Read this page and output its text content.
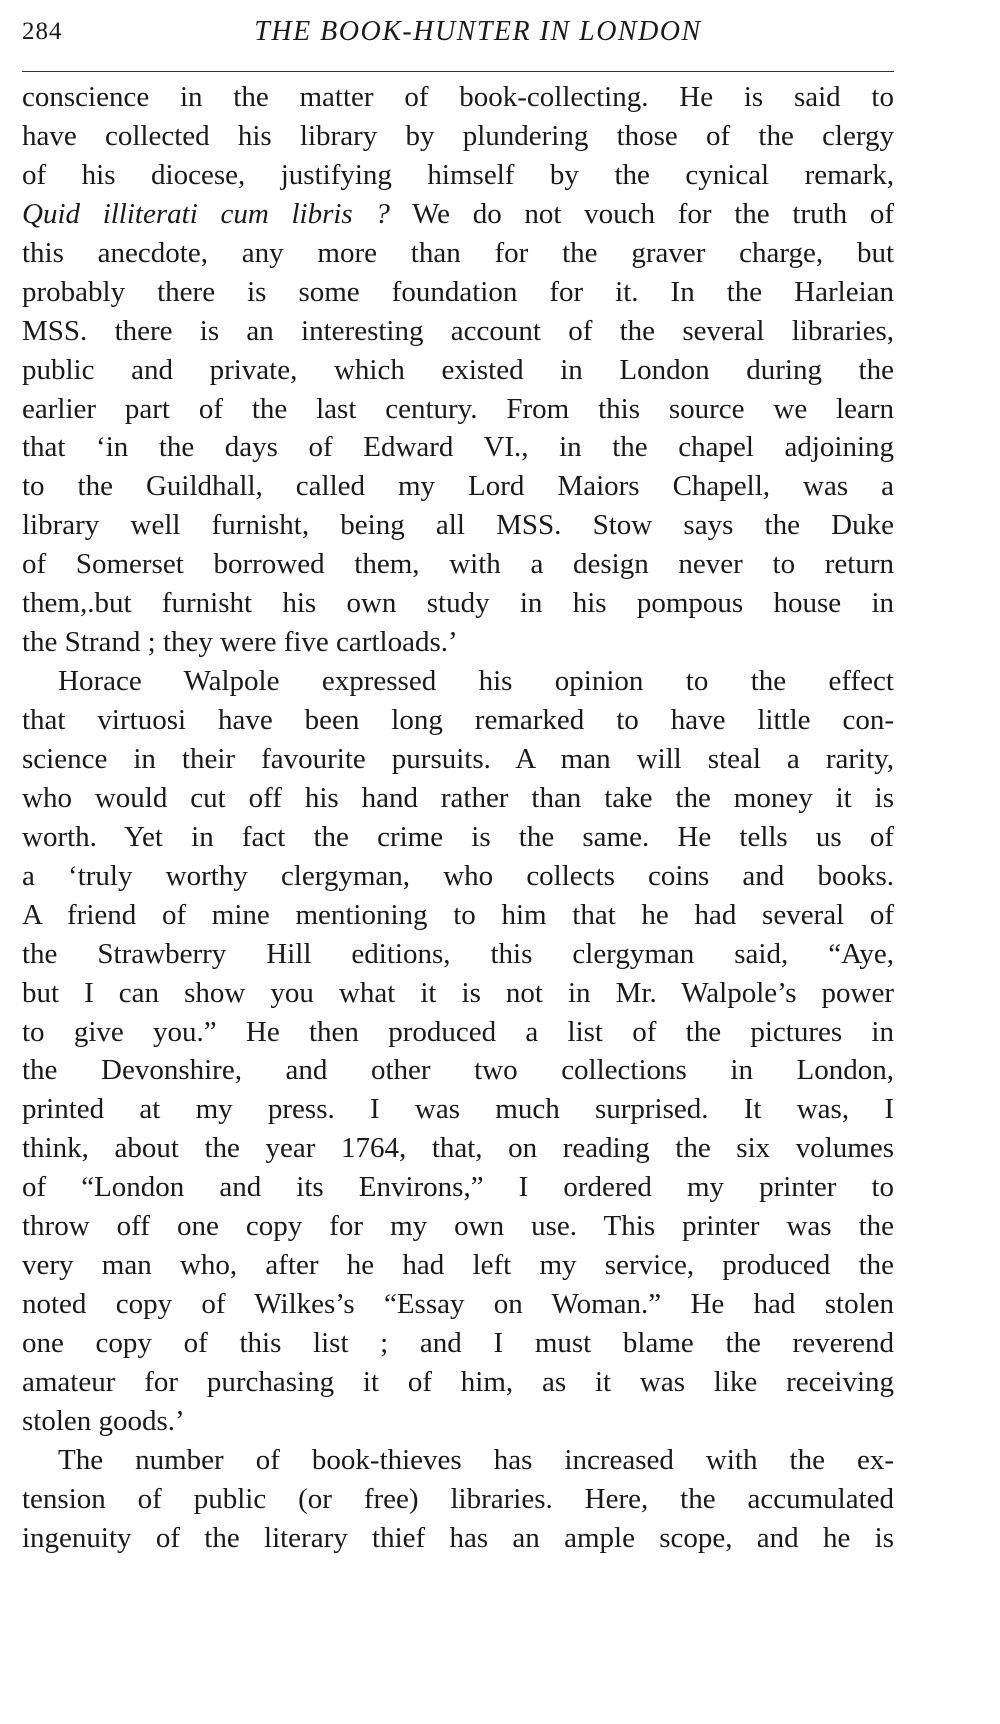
284	THE BOOK-HUNTER IN LONDON
conscience in the matter of book-collecting. He is said to
have collected his library by plundering those of the clergy
of his diocese, justifying himself by the cynical remark,
Quid illiterati cum libris ? We do not vouch for the truth of
this anecdote, any more than for the graver charge, but
probably there is some foundation for it. In the Harleian
MSS. there is an interesting account of the several libraries,
public and private, which existed in London during the
earlier part of the last century. From this source we learn
that ‘in the days of Edward VI., in the chapel adjoining
to the Guildhall, called my Lord Maiors Chapell, was a
library well furnisht, being all MSS. Stow says the Duke
of Somerset borrowed them, with a design never to return
them,.but furnisht his own study in his pompous house in
the Strand ; they were five cartloads.’
Horace Walpole expressed his opinion to the effect
that virtuosi have been long remarked to have little con-
science in their favourite pursuits. A man will steal a rarity,
who would cut off his hand rather than take the money it is
worth. Yet in fact the crime is the same. He tells us of
a ‘truly worthy clergyman, who collects coins and books.
A friend of mine mentioning to him that he had several of
the Strawberry Hill editions, this clergyman said, “Aye,
but I can show you what it is not in Mr. Walpole’s power
to give you.” He then produced a list of the pictures in
the Devonshire, and other two collections in London,
printed at my press. I was much surprised. It was, I
think, about the year 1764, that, on reading the six volumes
of “London and its Environs,” I ordered my printer to
throw off one copy for my own use. This printer was the
very man who, after he had left my service, produced the
noted copy of Wilkes’s “Essay on Woman.” He had stolen
one copy of this list ; and I must blame the reverend
amateur for purchasing it of him, as it was like receiving
stolen goods.’
The number of book-thieves has increased with the ex-
tension of public (or free) libraries. Here, the accumulated
ingenuity of the literary thief has an ample scope, and he is
